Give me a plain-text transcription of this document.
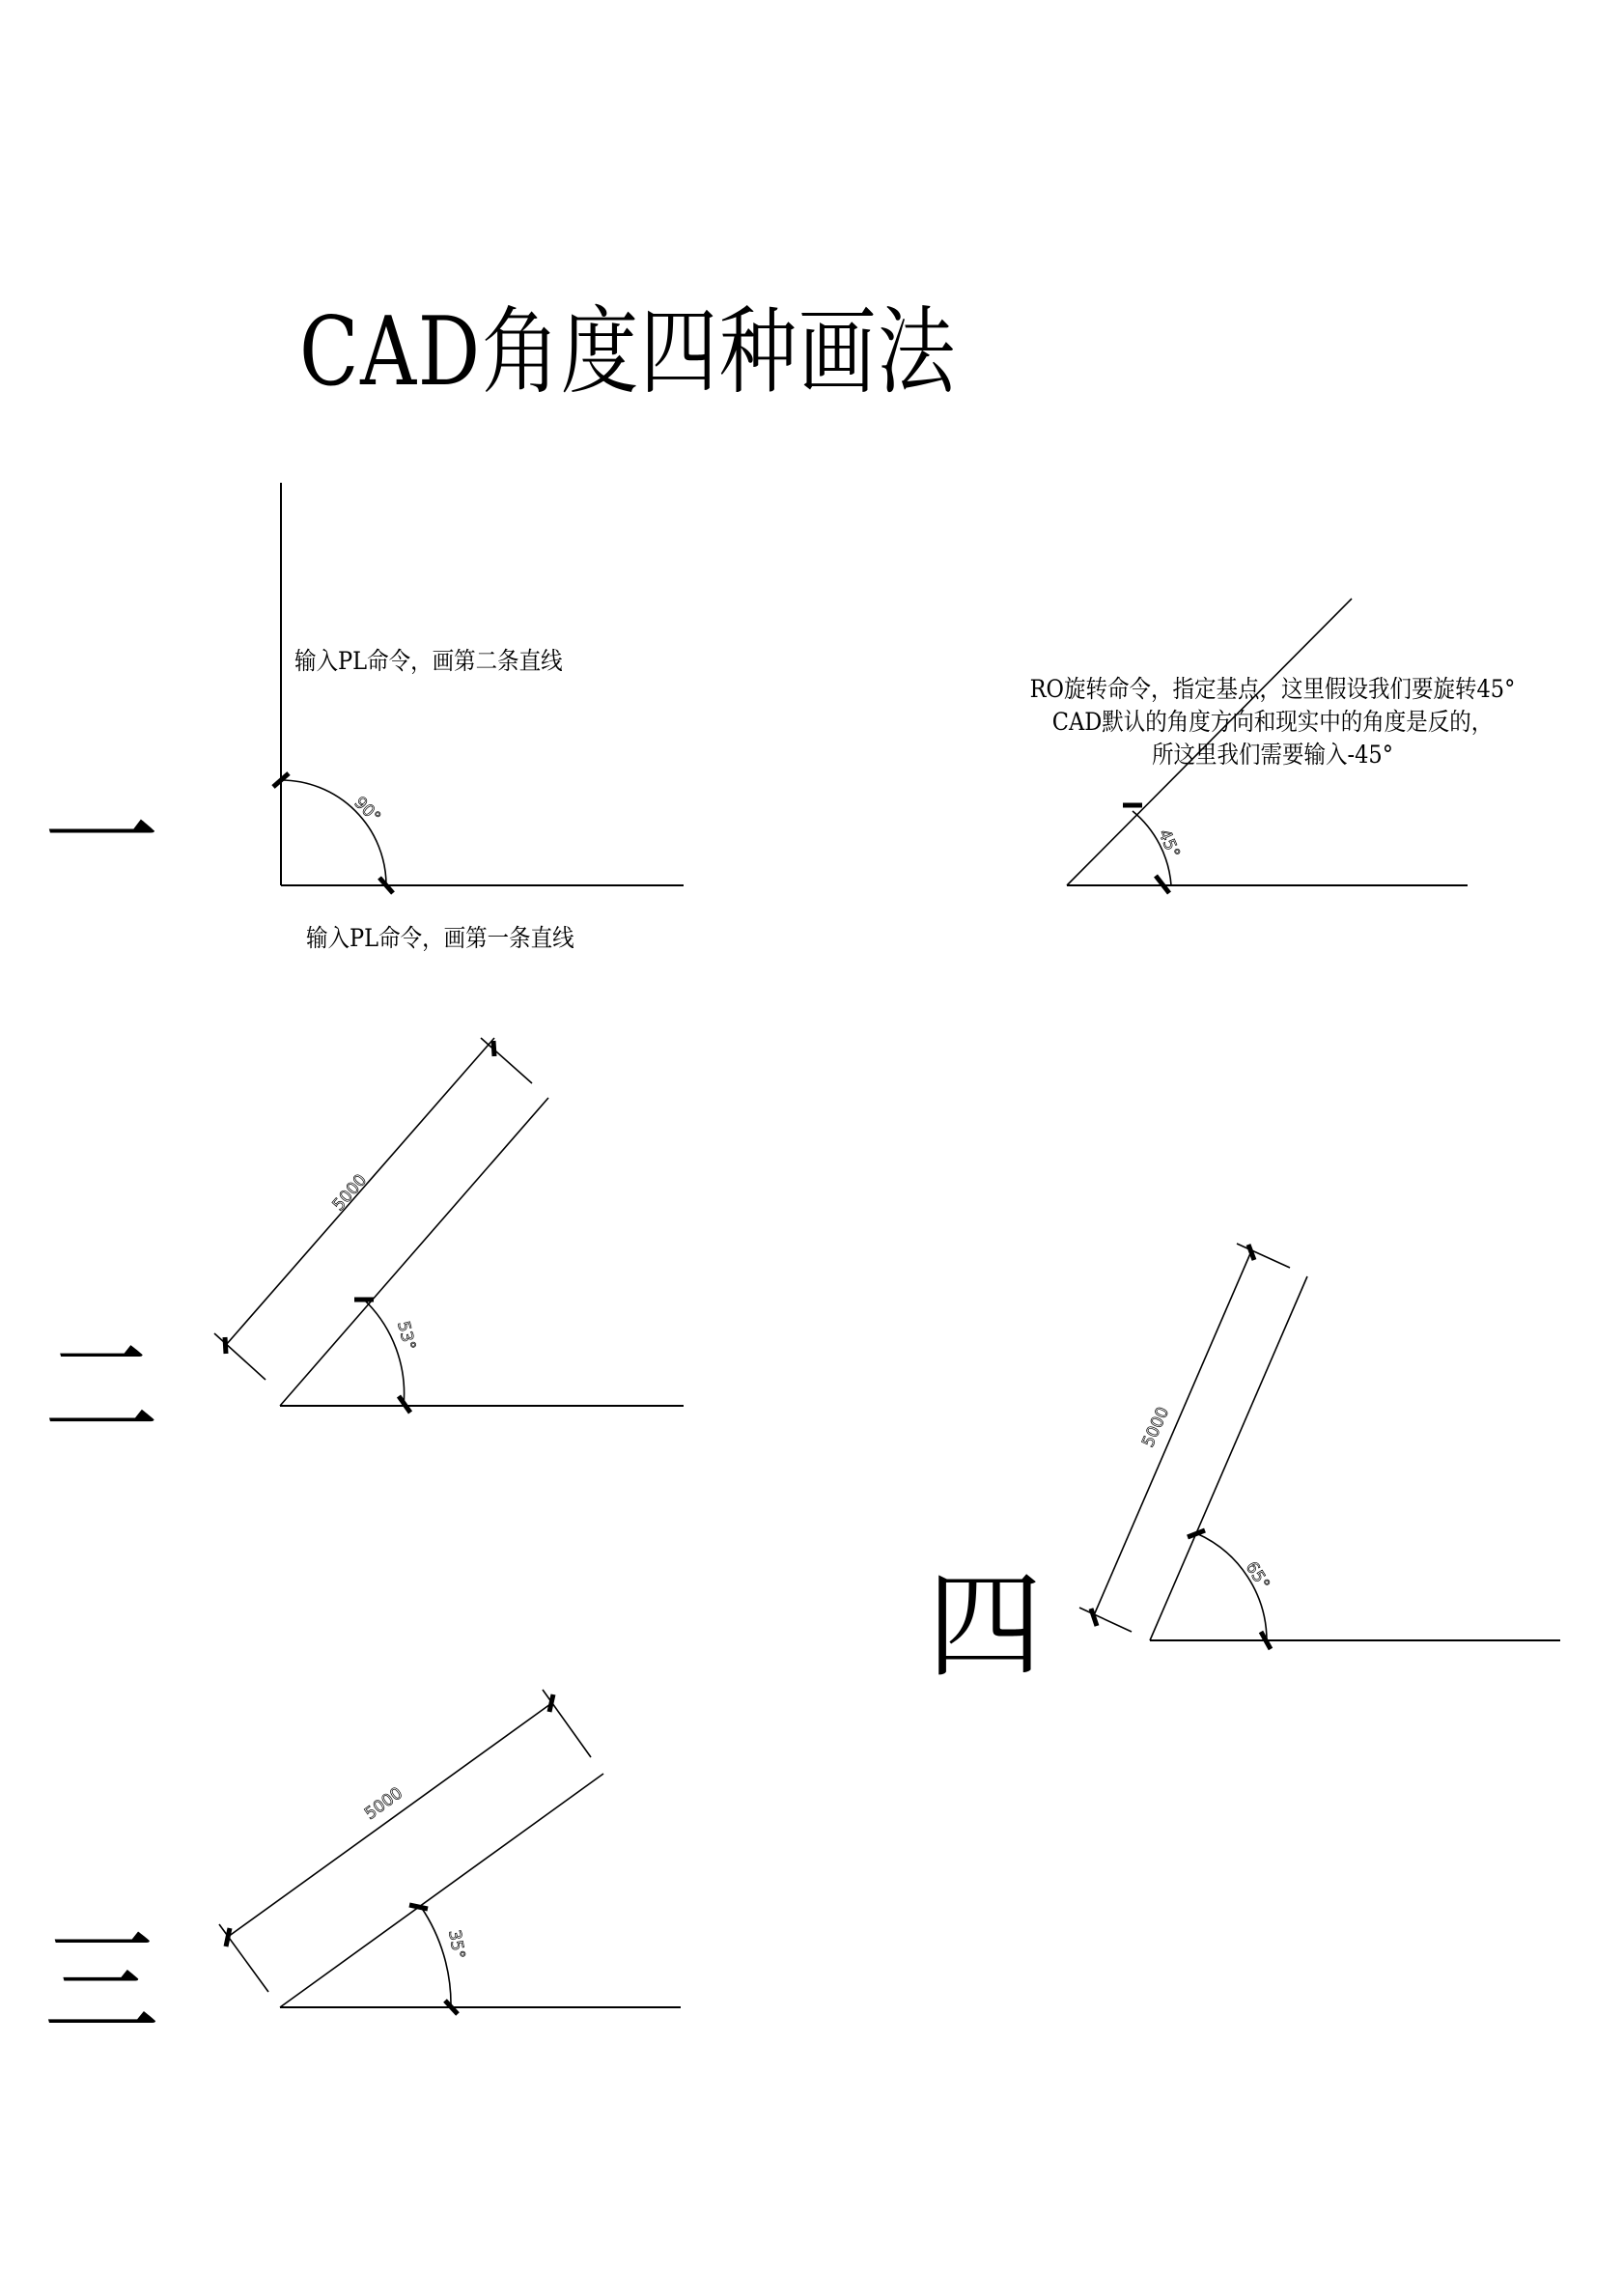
CAD角度四种画法
一
二
三
四
输入PL命令，画第二条直线
输入PL命令，画第一条直线
RO旋转命令，指定基点，这里假设我们要旋转45°
CAD默认的角度方向和现实中的角度是反的，
所这里我们需要输入-45°
90°
45°
5000
53°
5000
35°
5000
65°
